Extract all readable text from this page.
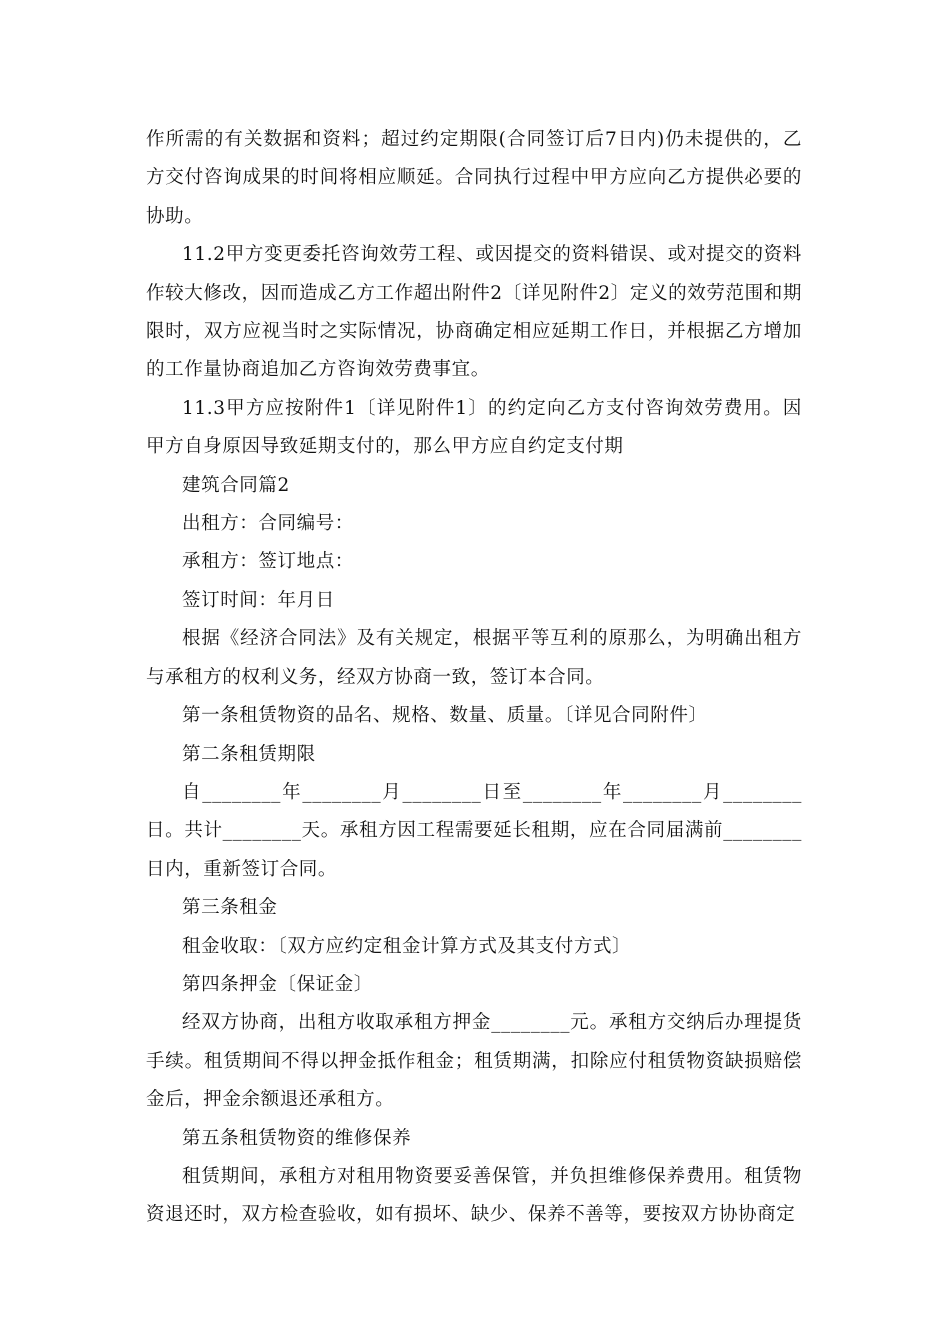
作所需的有关数据和资料；超过约定期限(合同签订后7日内)仍未提供的，乙方交付咨询成果的时间将相应顺延。合同执行过程中甲方应向乙方提供必要的协助。

11.2甲方变更委托咨询效劳工程、或因提交的资料错误、或对提交的资料作较大修改，因而造成乙方工作超出附件2〔详见附件2〕定义的效劳范围和期限时，双方应视当时之实际情况，协商确定相应延期工作日，并根据乙方增加的工作量协商追加乙方咨询效劳费事宜。

11.3甲方应按附件1〔详见附件1〕的约定向乙方支付咨询效劳费用。因甲方自身原因导致延期支付的，那么甲方应自约定支付期

建筑合同篇2

出租方：合同编号：

承租方：签订地点：

签订时间：年月日

根据《经济合同法》及有关规定，根据平等互利的原那么，为明确出租方与承租方的权利义务，经双方协商一致，签订本合同。

第一条租赁物资的品名、规格、数量、质量。〔详见合同附件〕

第二条租赁期限

自________年________月________日至________年________月________日。共计________天。承租方因工程需要延长租期，应在合同届满前________日内，重新签订合同。

第三条租金

租金收取：〔双方应约定租金计算方式及其支付方式〕

第四条押金〔保证金〕

经双方协商，出租方收取承租方押金________元。承租方交纳后办理提货手续。租赁期间不得以押金抵作租金；租赁期满，扣除应付租赁物资缺损赔偿金后，押金余额退还承租方。

第五条租赁物资的维修保养

租赁期间，承租方对租用物资要妥善保管，并负担维修保养费用。租赁物资退还时，双方检查验收，如有损坏、缺少、保养不善等，要按双方协协商定
